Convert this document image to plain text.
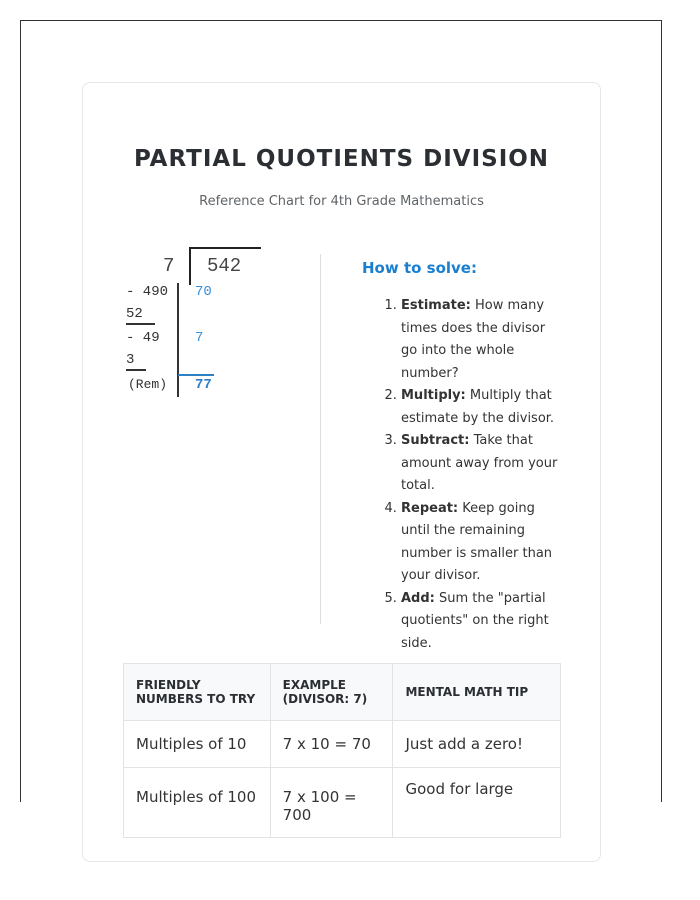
PARTIAL QUOTIENTS DIVISION
Reference Chart for 4th Grade Mathematics
7 542
- 490 70
52
- 49	7
3
(Rem) 77
How to solve:
1. Estimate: How many times does the divisor go into the whole number?
2. Multiply: Multiply that estimate by the divisor.
3. Subtract: Take that amount away from your total.
4. Repeat: Keep going until the remaining number is smaller than your divisor.
5. Add: Sum the "partial quotients" on the right side.
FRIENDLY NUMBERS TO TRY	EXAMPLE (DIVISOR: 7)	MENTAL MATH TIP
Multiples of 10	7 x 10 = 70	Just add a zero!
Multiples of 100	7 x 100 = 700	Good for large
